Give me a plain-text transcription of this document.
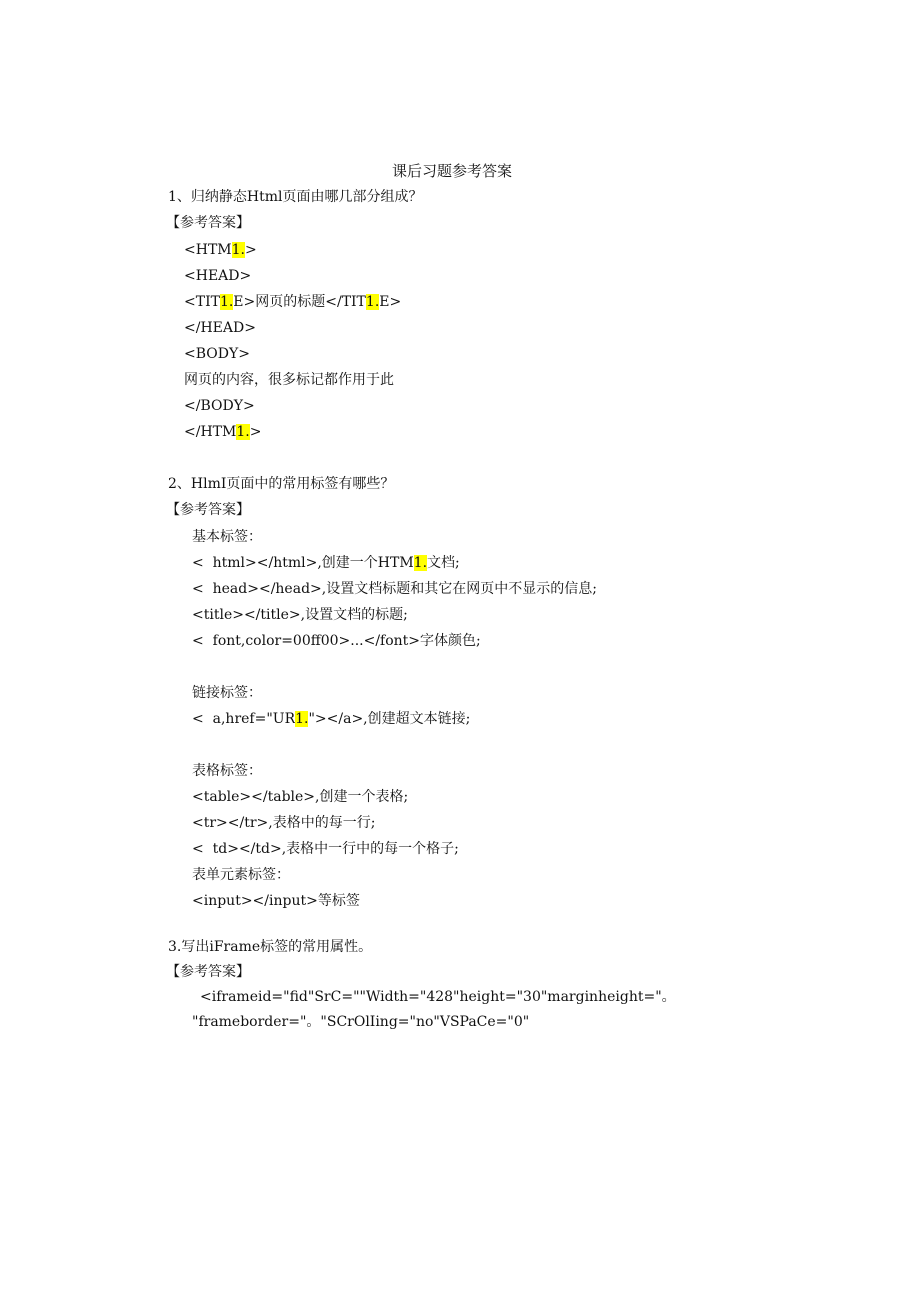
课后习题参考答案
1、归纳静态Html页面由哪几部分组成？
【参考答案】
<HTM1.>
<HEAD>
<TIT1.E>网页的标题</TIT1.E>
</HEAD>
<BODY>
网页的内容，很多标记都作用于此
</BODY>
</HTM1.>
2、HlmI页面中的常用标签有哪些？
【参考答案】
基本标签：
<  html></html>,创建一个HTM1.文档;
<  head></head>,设置文档标题和其它在网页中不显示的信息;
<title></title>,设置文档的标题;
<  font,color=00ff00>...</font>字体颜色;
链接标签：
<  a,href="UR1."></a>,创建超文本链接;
表格标签：
<table></table>,创建一个表格;
<tr></tr>,表格中的每一行;
<  td></td>,表格中一行中的每一个格子;
表单元素标签：
<input></input>等标签
3.写出iFrame标签的常用属性。
【参考答案】
<iframeid="fid"SrC=""Width="428"height="30"marginheight="。
"frameborder="。"SCrOlIing="no"VSPaCe="0"
